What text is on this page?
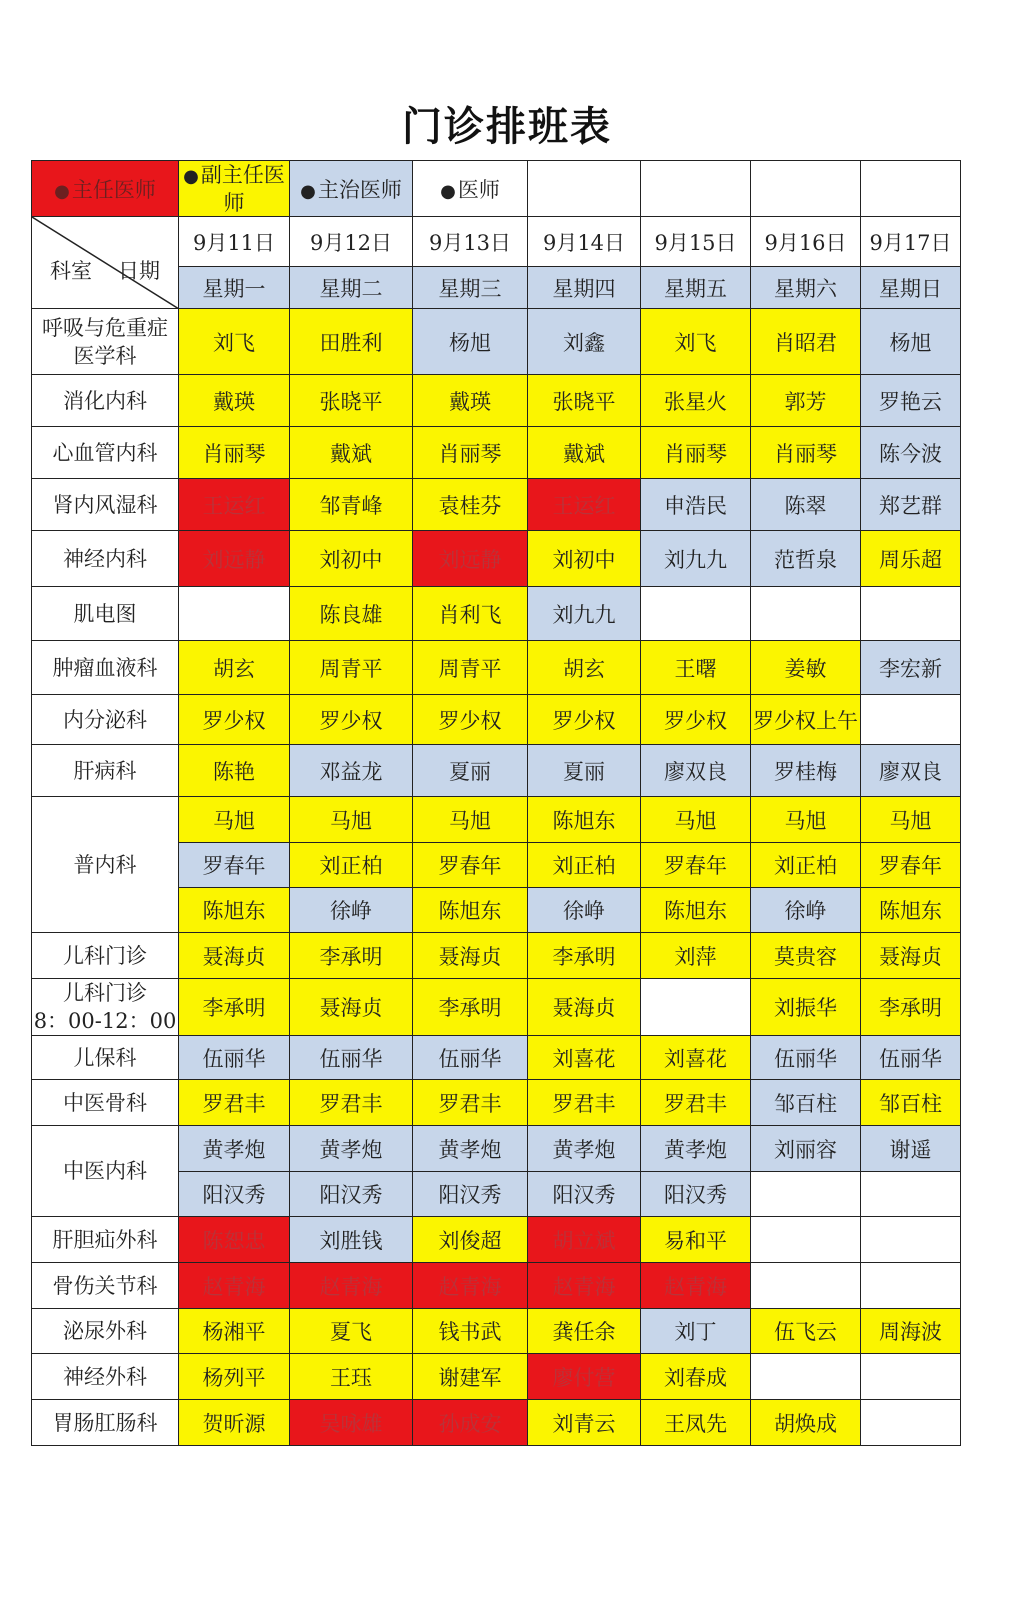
门诊排班表
●主任医师	●副主任医师	●主治医师	●医师				

科室 日期	9月11日	9月12日	9月13日	9月14日	9月15日	9月16日	9月17日
	星期一	星期二	星期三	星期四	星期五	星期六	星期日
呼吸与危重症医学科	刘飞	田胜利	杨旭	刘鑫	刘飞	肖昭君	杨旭
消化内科	戴瑛	张晓平	戴瑛	张晓平	张星火	郭芳	罗艳云
心血管内科	肖丽琴	戴斌	肖丽琴	戴斌	肖丽琴	肖丽琴	陈今波
肾内风湿科	王运红	邹青峰	袁桂芬	王运红	申浩民	陈翠	郑艺群
神经内科	刘远静	刘初中	刘远静	刘初中	刘九九	范哲泉	周乐超
肌电图		陈良雄	肖利飞	刘九九			
肿瘤血液科	胡玄	周青平	周青平	胡玄	王曙	姜敏	李宏新
内分泌科	罗少权	罗少权	罗少权	罗少权	罗少权	罗少权上午	
肝病科	陈艳	邓益龙	夏丽	夏丽	廖双良	罗桂梅	廖双良
普内科	马旭	马旭	马旭	陈旭东	马旭	马旭	马旭
	罗春年	刘正柏	罗春年	刘正柏	罗春年	刘正柏	罗春年
	陈旭东	徐峥	陈旭东	徐峥	陈旭东	徐峥	陈旭东
儿科门诊	聂海贞	李承明	聂海贞	李承明	刘萍	莫贵容	聂海贞
儿科门诊
8：00-12：00	李承明	聂海贞	李承明	聂海贞		刘振华	李承明
儿保科	伍丽华	伍丽华	伍丽华	刘喜花	刘喜花	伍丽华	伍丽华
中医骨科	罗君丰	罗君丰	罗君丰	罗君丰	罗君丰	邹百柱	邹百柱
中医内科	黄孝炮	黄孝炮	黄孝炮	黄孝炮	黄孝炮	刘丽容	谢遥
	阳汉秀	阳汉秀	阳汉秀	阳汉秀	阳汉秀		
肝胆疝外科	陈恕忠	刘胜钱	刘俊超	胡立斌	易和平		
骨伤关节科	赵青海	赵青海	赵青海	赵青海	赵青海		
泌尿外科	杨湘平	夏飞	钱书武	龚任余	刘丁	伍飞云	周海波
神经外科	杨列平	王珏	谢建军	廖付营	刘春成		
胃肠肛肠科	贺昕源	吴咏雄	孙成安	刘青云	王凤先	胡焕成	
